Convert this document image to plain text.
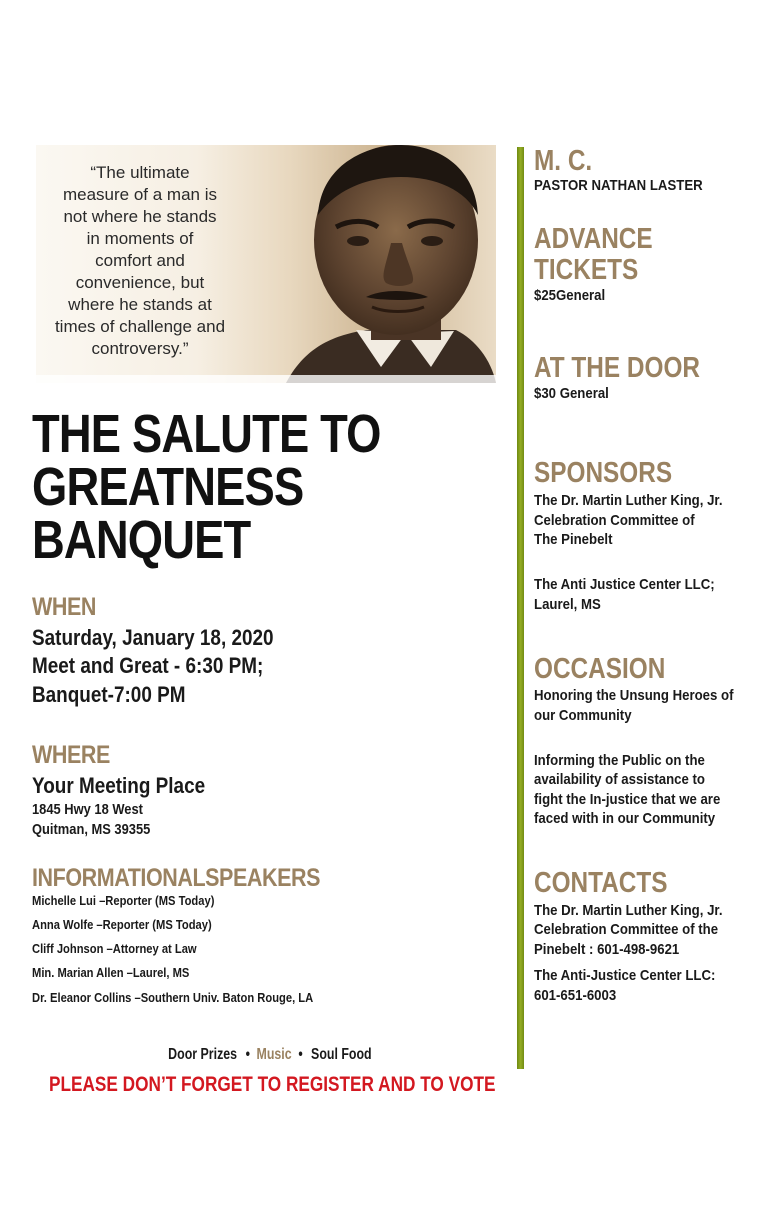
“The ultimate
measure of a man is
not where he stands
in moments of
comfort and
convenience, but
where he stands at
times of challenge and
controversy.”
THE SALUTE TO
GREATNESS
BANQUET
WHEN
Saturday, January 18, 2020
Meet and Great - 6:30 PM;
Banquet-7:00 PM
WHERE
Your Meeting Place
1845 Hwy 18 West
Quitman, MS 39355
INFORMATIONALSPEAKERS
Michelle Lui –Reporter (MS Today)
Anna Wolfe –Reporter (MS Today)
Cliff Johnson –Attorney at Law
Min. Marian Allen –Laurel, MS
Dr. Eleanor Collins –Southern Univ. Baton Rouge, LA
Door Prizes • Music • Soul Food
PLEASE DON’T FORGET TO REGISTER AND TO VOTE
M. C.
PASTOR NATHAN LASTER
ADVANCE
TICKETS
$25General
AT THE DOOR
$30 General
SPONSORS
The Dr. Martin Luther King, Jr.
Celebration Committee of
The Pinebelt
The Anti Justice Center LLC;
Laurel, MS
OCCASION
Honoring the Unsung Heroes of
our Community
Informing the Public on the
availability of assistance to
fight the In-justice that we are
faced with in our Community
CONTACTS
The Dr. Martin Luther King, Jr.
Celebration Committee of the
Pinebelt : 601-498-9621
The Anti-Justice Center LLC:
601-651-6003
